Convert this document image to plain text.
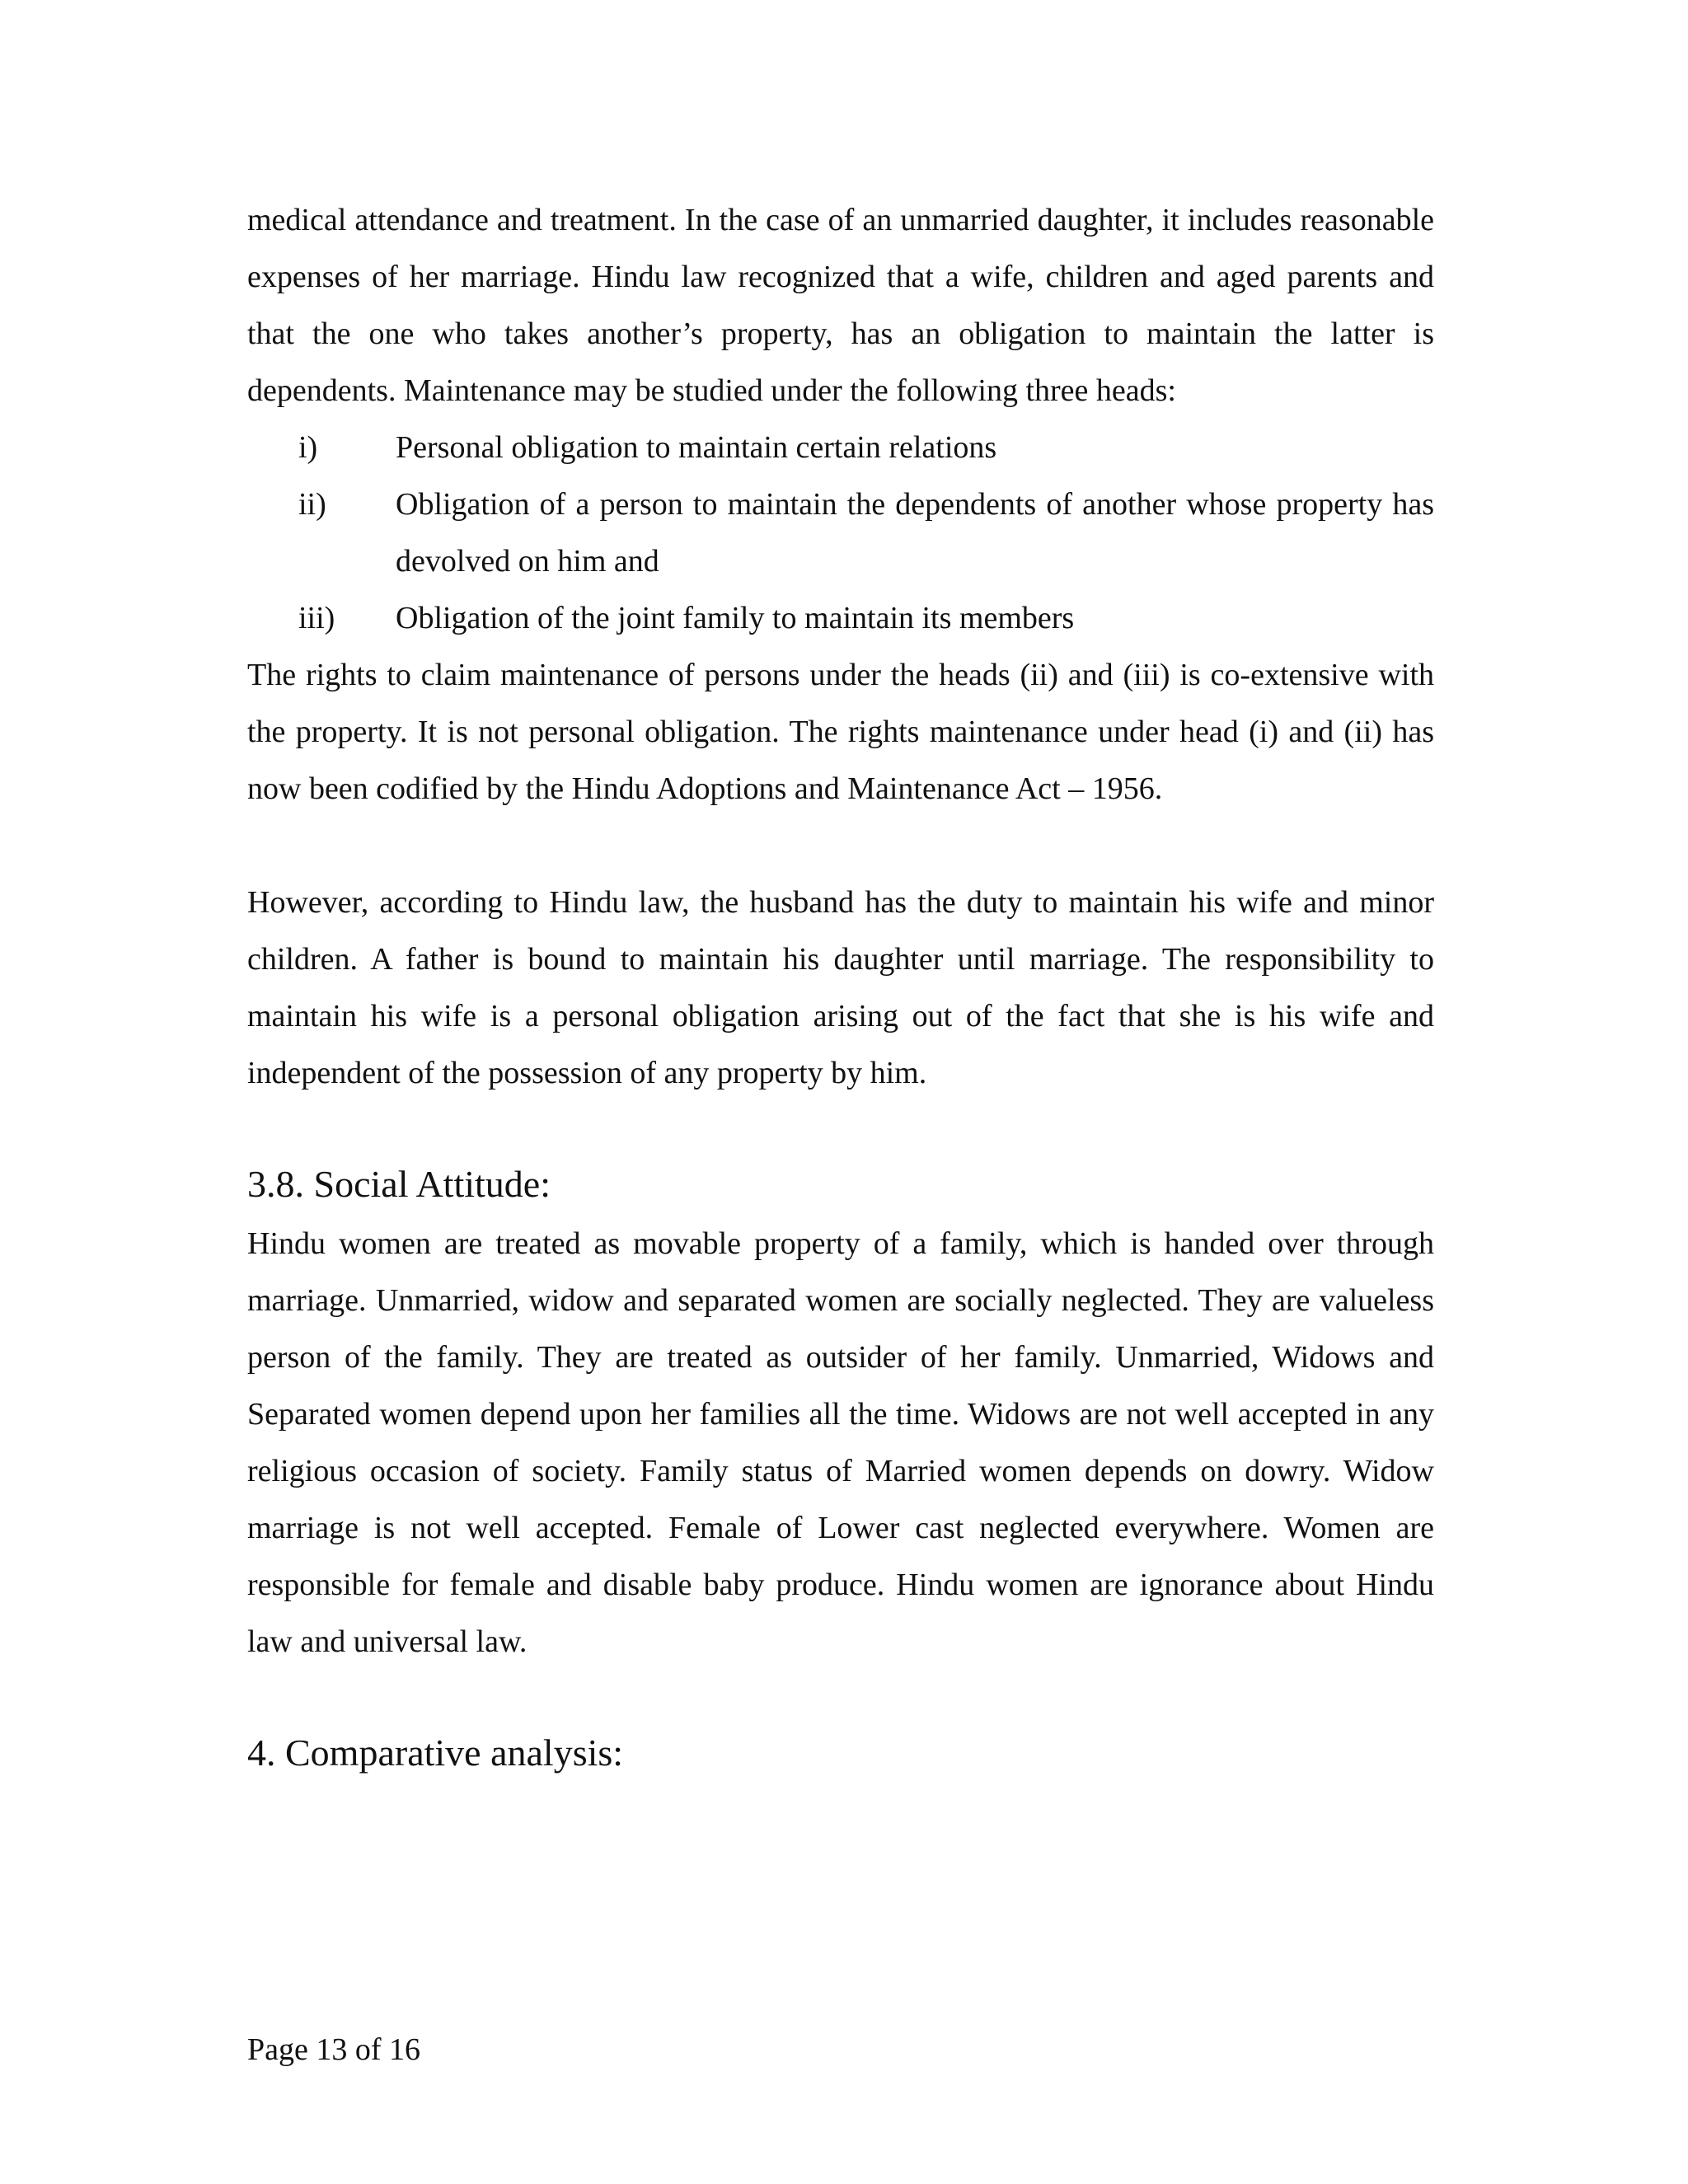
medical attendance and treatment. In the case of an unmarried daughter, it includes reasonable expenses of her marriage. Hindu law recognized that a wife, children and aged parents and that the one who takes another’s property, has an obligation to maintain the latter is dependents. Maintenance may be studied under the following three heads:

i)	Personal obligation to maintain certain relations
ii)	Obligation of a person to maintain the dependents of another whose property has devolved on him and
iii)	Obligation of the joint family to maintain its members

The rights to claim maintenance of persons under the heads (ii) and (iii) is co-extensive with the property. It is not personal obligation. The rights maintenance under head (i) and (ii) has now been codified by the Hindu Adoptions and Maintenance Act – 1956.

However, according to Hindu law, the husband has the duty to maintain his wife and minor children. A father is bound to maintain his daughter until marriage. The responsibility to maintain his wife is a personal obligation arising out of the fact that she is his wife and independent of the possession of any property by him.

3.8. Social Attitude:

Hindu women are treated as movable property of a family, which is handed over through marriage. Unmarried, widow and separated women are socially neglected. They are valueless person of the family. They are treated as outsider of her family. Unmarried, Widows and Separated women depend upon her families all the time. Widows are not well accepted in any religious occasion of society. Family status of Married women depends on dowry. Widow marriage is not well accepted. Female of Lower cast neglected everywhere. Women are responsible for female and disable baby produce. Hindu women are ignorance about Hindu law and universal law.

4. Comparative analysis:
Page 13 of 16
